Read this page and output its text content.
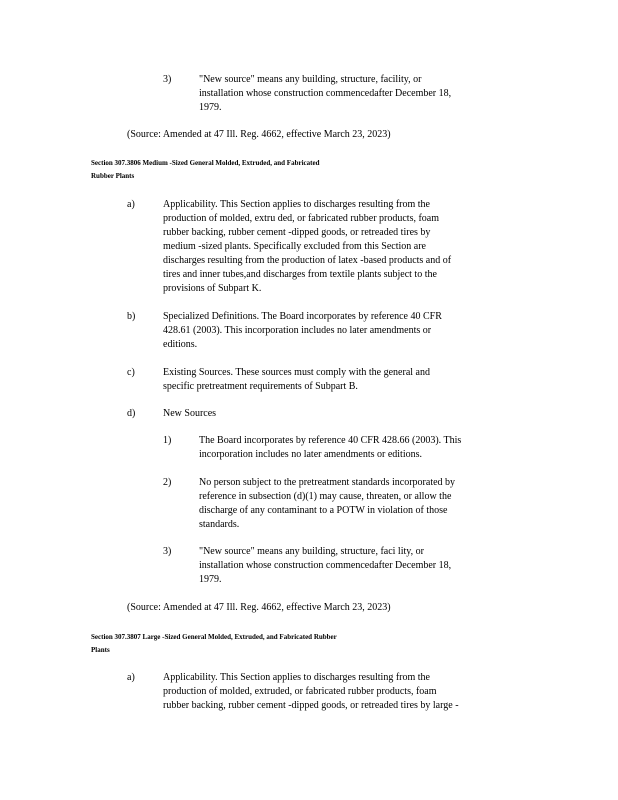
3)	"New source" means any building, structure, facility, or
installation whose construction commencedafter December 18,
1979.
(Source: Amended at 47 Ill. Reg. 4662, effective March 23, 2023)
Section 307.3806 Medium -Sized General Molded, Extruded, and Fabricated
Rubber Plants
a)	Applicability. This Section applies to discharges resulting from the
production of molded, extru ded, or fabricated rubber products, foam
rubber backing, rubber cement -dipped goods, or retreaded tires by
medium -sized plants. Specifically excluded from this Section are
discharges resulting from the production of latex -based products and of
tires and inner tubes,and discharges from textile plants subject to the
provisions of Subpart K.
b)	Specialized Definitions. The Board incorporates by reference 40 CFR
428.61 (2003). This incorporation includes no later amendments or
editions.
c)	Existing Sources. These sources must comply with the general and
specific pretreatment requirements of Subpart B.
d)	New Sources
1)	The Board incorporates by reference 40 CFR 428.66 (2003). This
incorporation includes no later amendments or editions.
2)	No person subject to the pretreatment standards incorporated by
reference in subsection (d)(1) may cause, threaten, or allow the
discharge of any contaminant to a POTW in violation of those
standards.
3)	"New source" means any building, structure, faci lity, or
installation whose construction commencedafter December 18,
1979.
(Source: Amended at 47 Ill. Reg. 4662, effective March 23, 2023)
Section 307.3807 Large -Sized General Molded, Extruded, and Fabricated Rubber
Plants
a)	Applicability. This Section applies to discharges resulting from the
production of molded, extruded, or fabricated rubber products, foam
rubber backing, rubber cement -dipped goods, or retreaded tires by large -
